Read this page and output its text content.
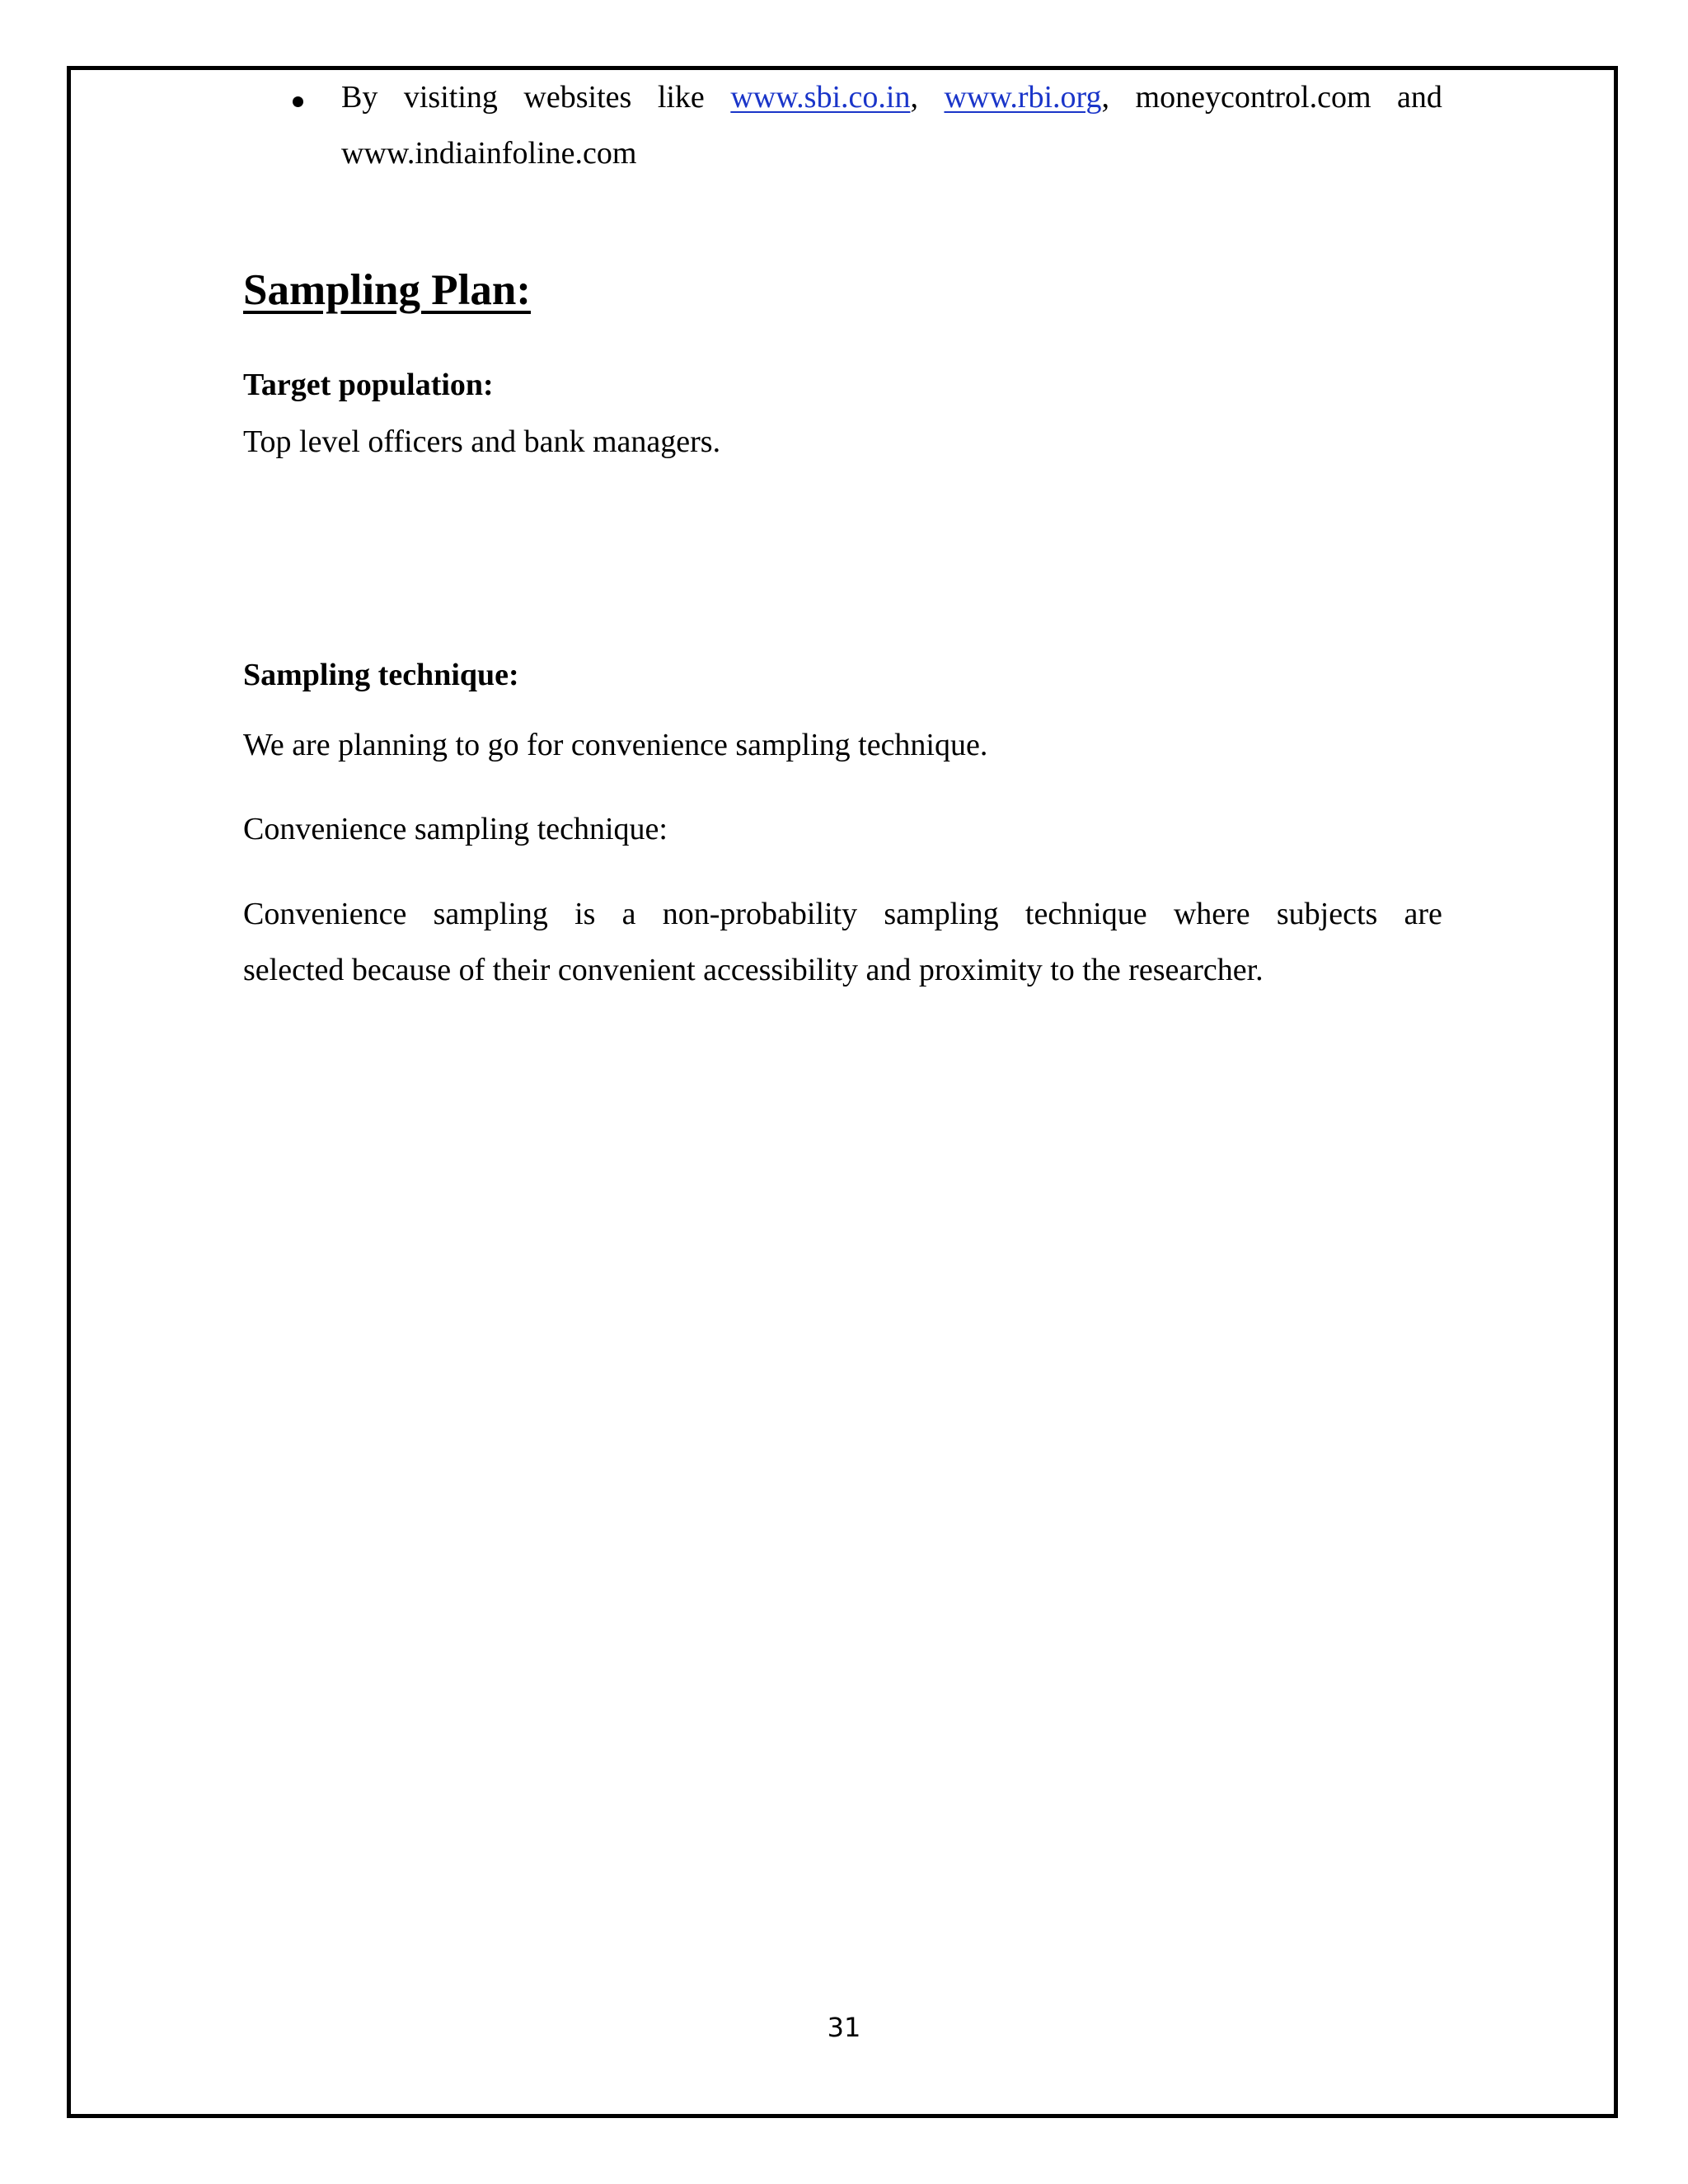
By visiting websites like www.sbi.co.in, www.rbi.org, moneycontrol.com and
www.indiainfoline.com
Sampling Plan:
Target population:
Top level officers and bank managers.
Sampling technique:
We are planning to go for convenience sampling technique.
Convenience sampling technique:
Convenience sampling is a non-probability sampling technique where subjects are
selected because of their convenient accessibility and proximity to the researcher.
31
